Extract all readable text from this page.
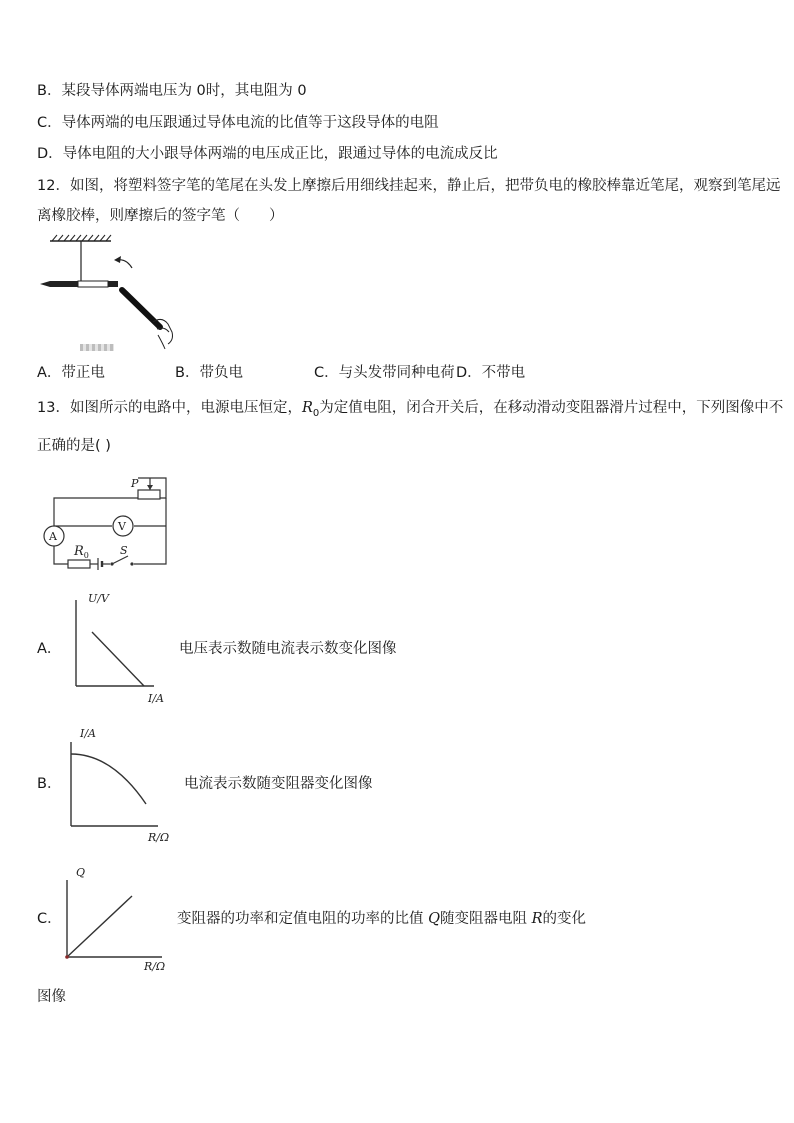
B．某段导体两端电压为 0时，其电阻为 0
C．导体两端的电压跟通过导体电流的比值等于这段导体的电阻
D．导体电阻的大小跟导体两端的电压成正比，跟通过导体的电流成反比
12．如图，将塑料签字笔的笔尾在头发上摩擦后用细线挂起来，静止后，把带负电的橡胶棒靠近笔尾，观察到笔尾远
离橡胶棒，则摩擦后的签字笔（　　）
A．带正电	B．带负电	C．与头发带同种电荷 D．不带电
13．如图所示的电路中，电源电压恒定，$R_0$为定值电阻，闭合开关后，在移动滑动变阻器滑片过程中，下列图像中不
正确的是( )
P
V
A
$R_0$	S
A．
U/V
I/A
电压表示数随电流表示数变化图像
B．
I/A
R/Ω
电流表示数随变阻器变化图像
C．
Q
R/Ω
变阻器的功率和定值电阻的功率的比值 Q随变阻器电阻 R的变化
图像
